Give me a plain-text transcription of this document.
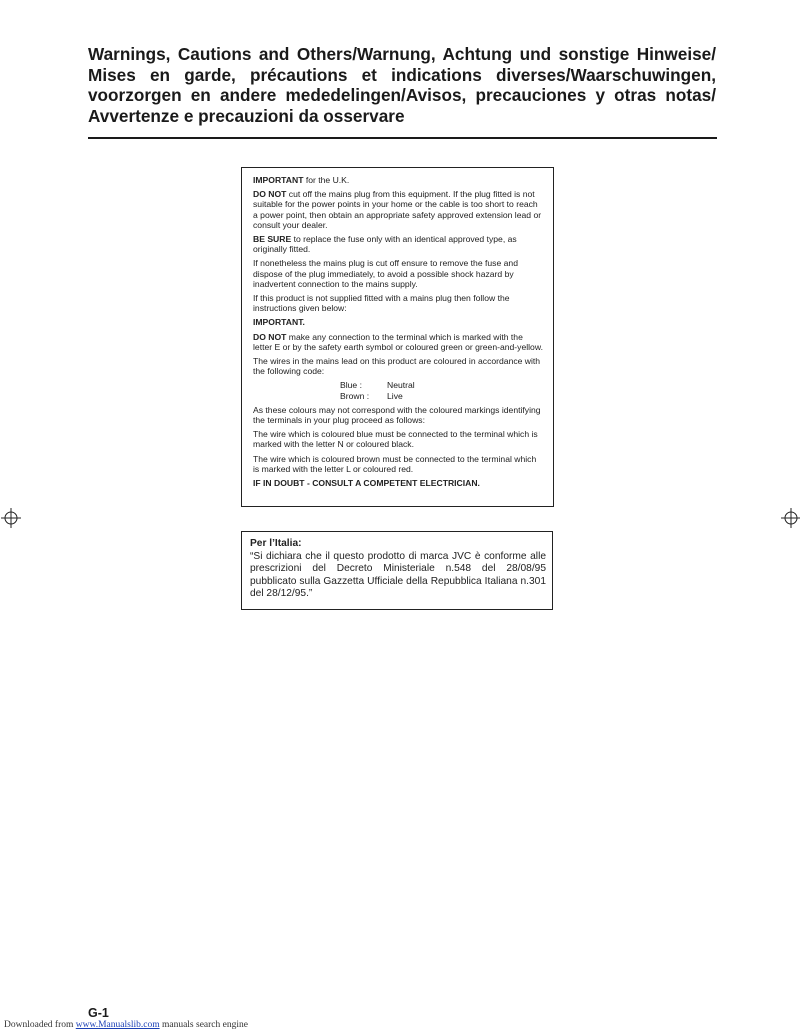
Warnings, Cautions and Others/Warnung, Achtung und sonstige Hinweise/
Mises en garde, précautions et indications diverses/Waarschuwingen,
voorzorgen en andere mededelingen/Avisos, precauciones y otras notas/
Avvertenze e precauzioni da osservare

IMPORTANT for the U.K.

DO NOT cut off the mains plug from this equipment. If the plug fitted is not suitable for the power points in your home or the cable is too short to reach a power point, then obtain an appropriate safety approved extension lead or consult your dealer.

BE SURE to replace the fuse only with an identical approved type, as originally fitted.

If nonetheless the mains plug is cut off ensure to remove the fuse and dispose of the plug immediately, to avoid a possible shock hazard by inadvertent connection to the mains supply.

If this product is not supplied fitted with a mains plug then follow the instructions given below:

IMPORTANT.

DO NOT make any connection to the terminal which is marked with the letter E or by the safety earth symbol or coloured green or green-and-yellow.

The wires in the mains lead on this product are coloured in accordance with the following code:

Blue :	Neutral
Brown :	Live

As these colours may not correspond with the coloured markings identifying the terminals in your plug proceed as follows:

The wire which is coloured blue must be connected to the terminal which is marked with the letter N or coloured black.

The wire which is coloured brown must be connected to the terminal which is marked with the letter L or coloured red.

IF IN DOUBT - CONSULT A COMPETENT ELECTRICIAN.

Per l’Italia:

“Si dichiara che il questo prodotto di marca JVC è conforme alle prescrizioni del Decreto Ministeriale n.548 del 28/08/95 pubblicato sulla Gazzetta Ufficiale della Repubblica Italiana n.301 del 28/12/95.”

G-1

Downloaded from www.Manualslib.com manuals search engine
